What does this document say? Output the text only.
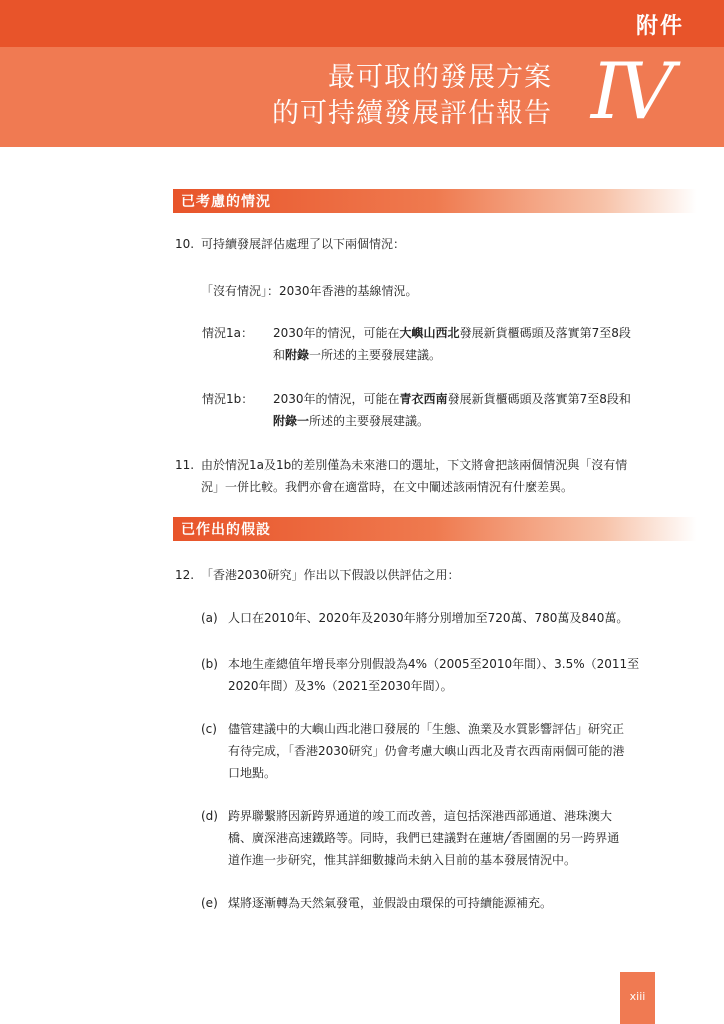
附件
最可取的發展方案
的可持續發展評估報告 IV
已考慮的情況
10. 可持續發展評估處理了以下兩個情況：
「沒有情況」：2030年香港的基線情況。
情況1a： 2030年的情況，可能在大嶼山西北發展新貨櫃碼頭及落實第7至8段
和附錄一所述的主要發展建議。
情況1b： 2030年的情況，可能在青衣西南發展新貨櫃碼頭及落實第7至8段和
附錄一所述的主要發展建議。
11. 由於情況1a及1b的差別僅為未來港口的選址，下文將會把該兩個情況與「沒有情
況」一併比較。我們亦會在適當時，在文中闡述該兩情況有什麼差異。
已作出的假設
12. 「香港2030研究」作出以下假設以供評估之用：
(a) 人口在2010年、2020年及2030年將分別增加至720萬、780萬及840萬。
(b) 本地生產總值年增長率分別假設為4%（2005至2010年間）、3.5%（2011至
2020年間）及3%（2021至2030年間）。
(c) 儘管建議中的大嶼山西北港口發展的「生態、漁業及水質影響評估」研究正
有待完成，「香港2030研究」仍會考慮大嶼山西北及青衣西南兩個可能的港
口地點。
(d) 跨界聯繫將因新跨界通道的竣工而改善，這包括深港西部通道、港珠澳大
橋、廣深港高速鐵路等。同時，我們已建議對在蓮塘╱香園圍的另一跨界通
道作進一步研究，惟其詳細數據尚未納入目前的基本發展情況中。
(e) 煤將逐漸轉為天然氣發電，並假設由環保的可持續能源補充。
xiii
